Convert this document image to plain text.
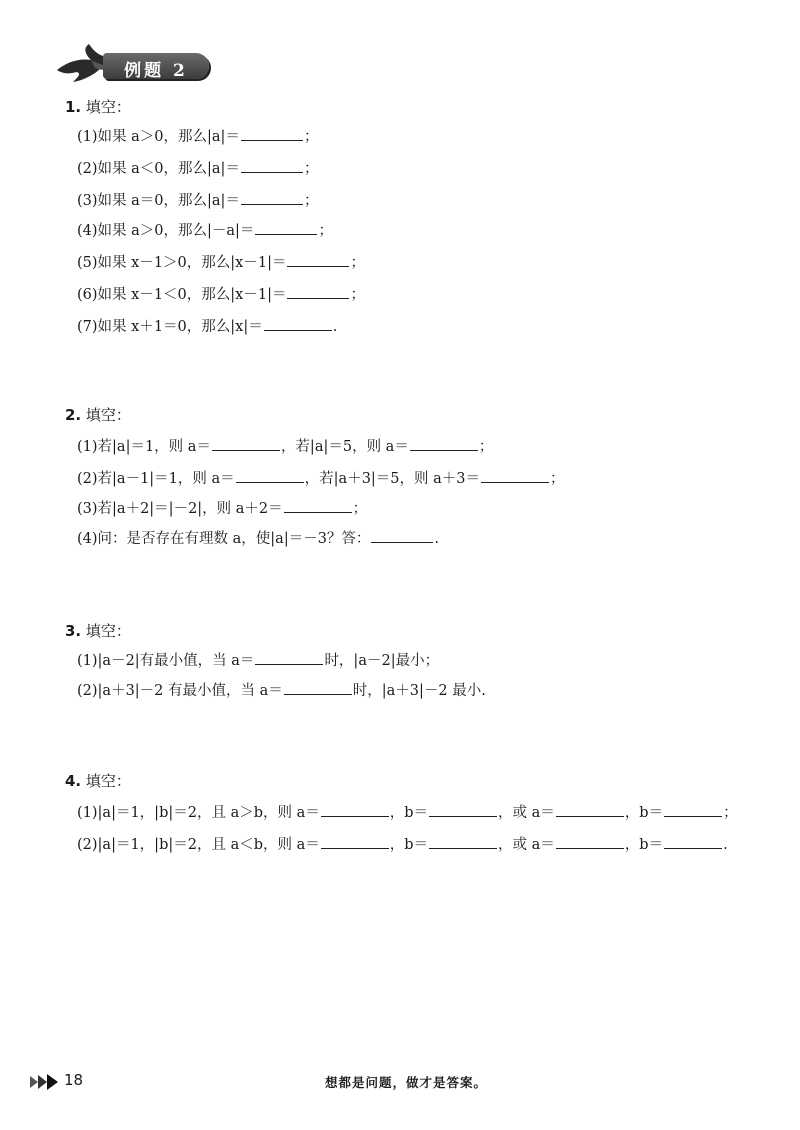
例题 2
1. 填空：
(1)如果 a＞0，那么|a|＝	；
(2)如果 a＜0，那么|a|＝	；
(3)如果 a＝0，那么|a|＝	；
(4)如果 a＞0，那么|－a|＝	；
(5)如果 x－1＞0，那么|x－1|＝	；
(6)如果 x－1＜0，那么|x－1|＝	；
(7)如果 x＋1＝0，那么|x|＝	.
2. 填空：
(1)若|a|＝1，则 a＝	，若|a|＝5，则 a＝	；
(2)若|a－1|＝1，则 a＝	，若|a＋3|＝5，则 a＋3＝	；
(3)若|a＋2|＝|－2|，则 a＋2＝	；
(4)问：是否存在有理数 a，使|a|＝－3？答：	.
3. 填空：
(1)|a－2|有最小值，当 a＝	时，|a－2|最小；
(2)|a＋3|－2 有最小值，当 a＝	时，|a＋3|－2 最小.
4. 填空：
(1)|a|＝1，|b|＝2，且 a＞b，则 a＝	，b＝	，或 a＝	，b＝	；
(2)|a|＝1，|b|＝2，且 a＜b，则 a＝	，b＝	，或 a＝	，b＝	.
18	想都是问题，做才是答案。
